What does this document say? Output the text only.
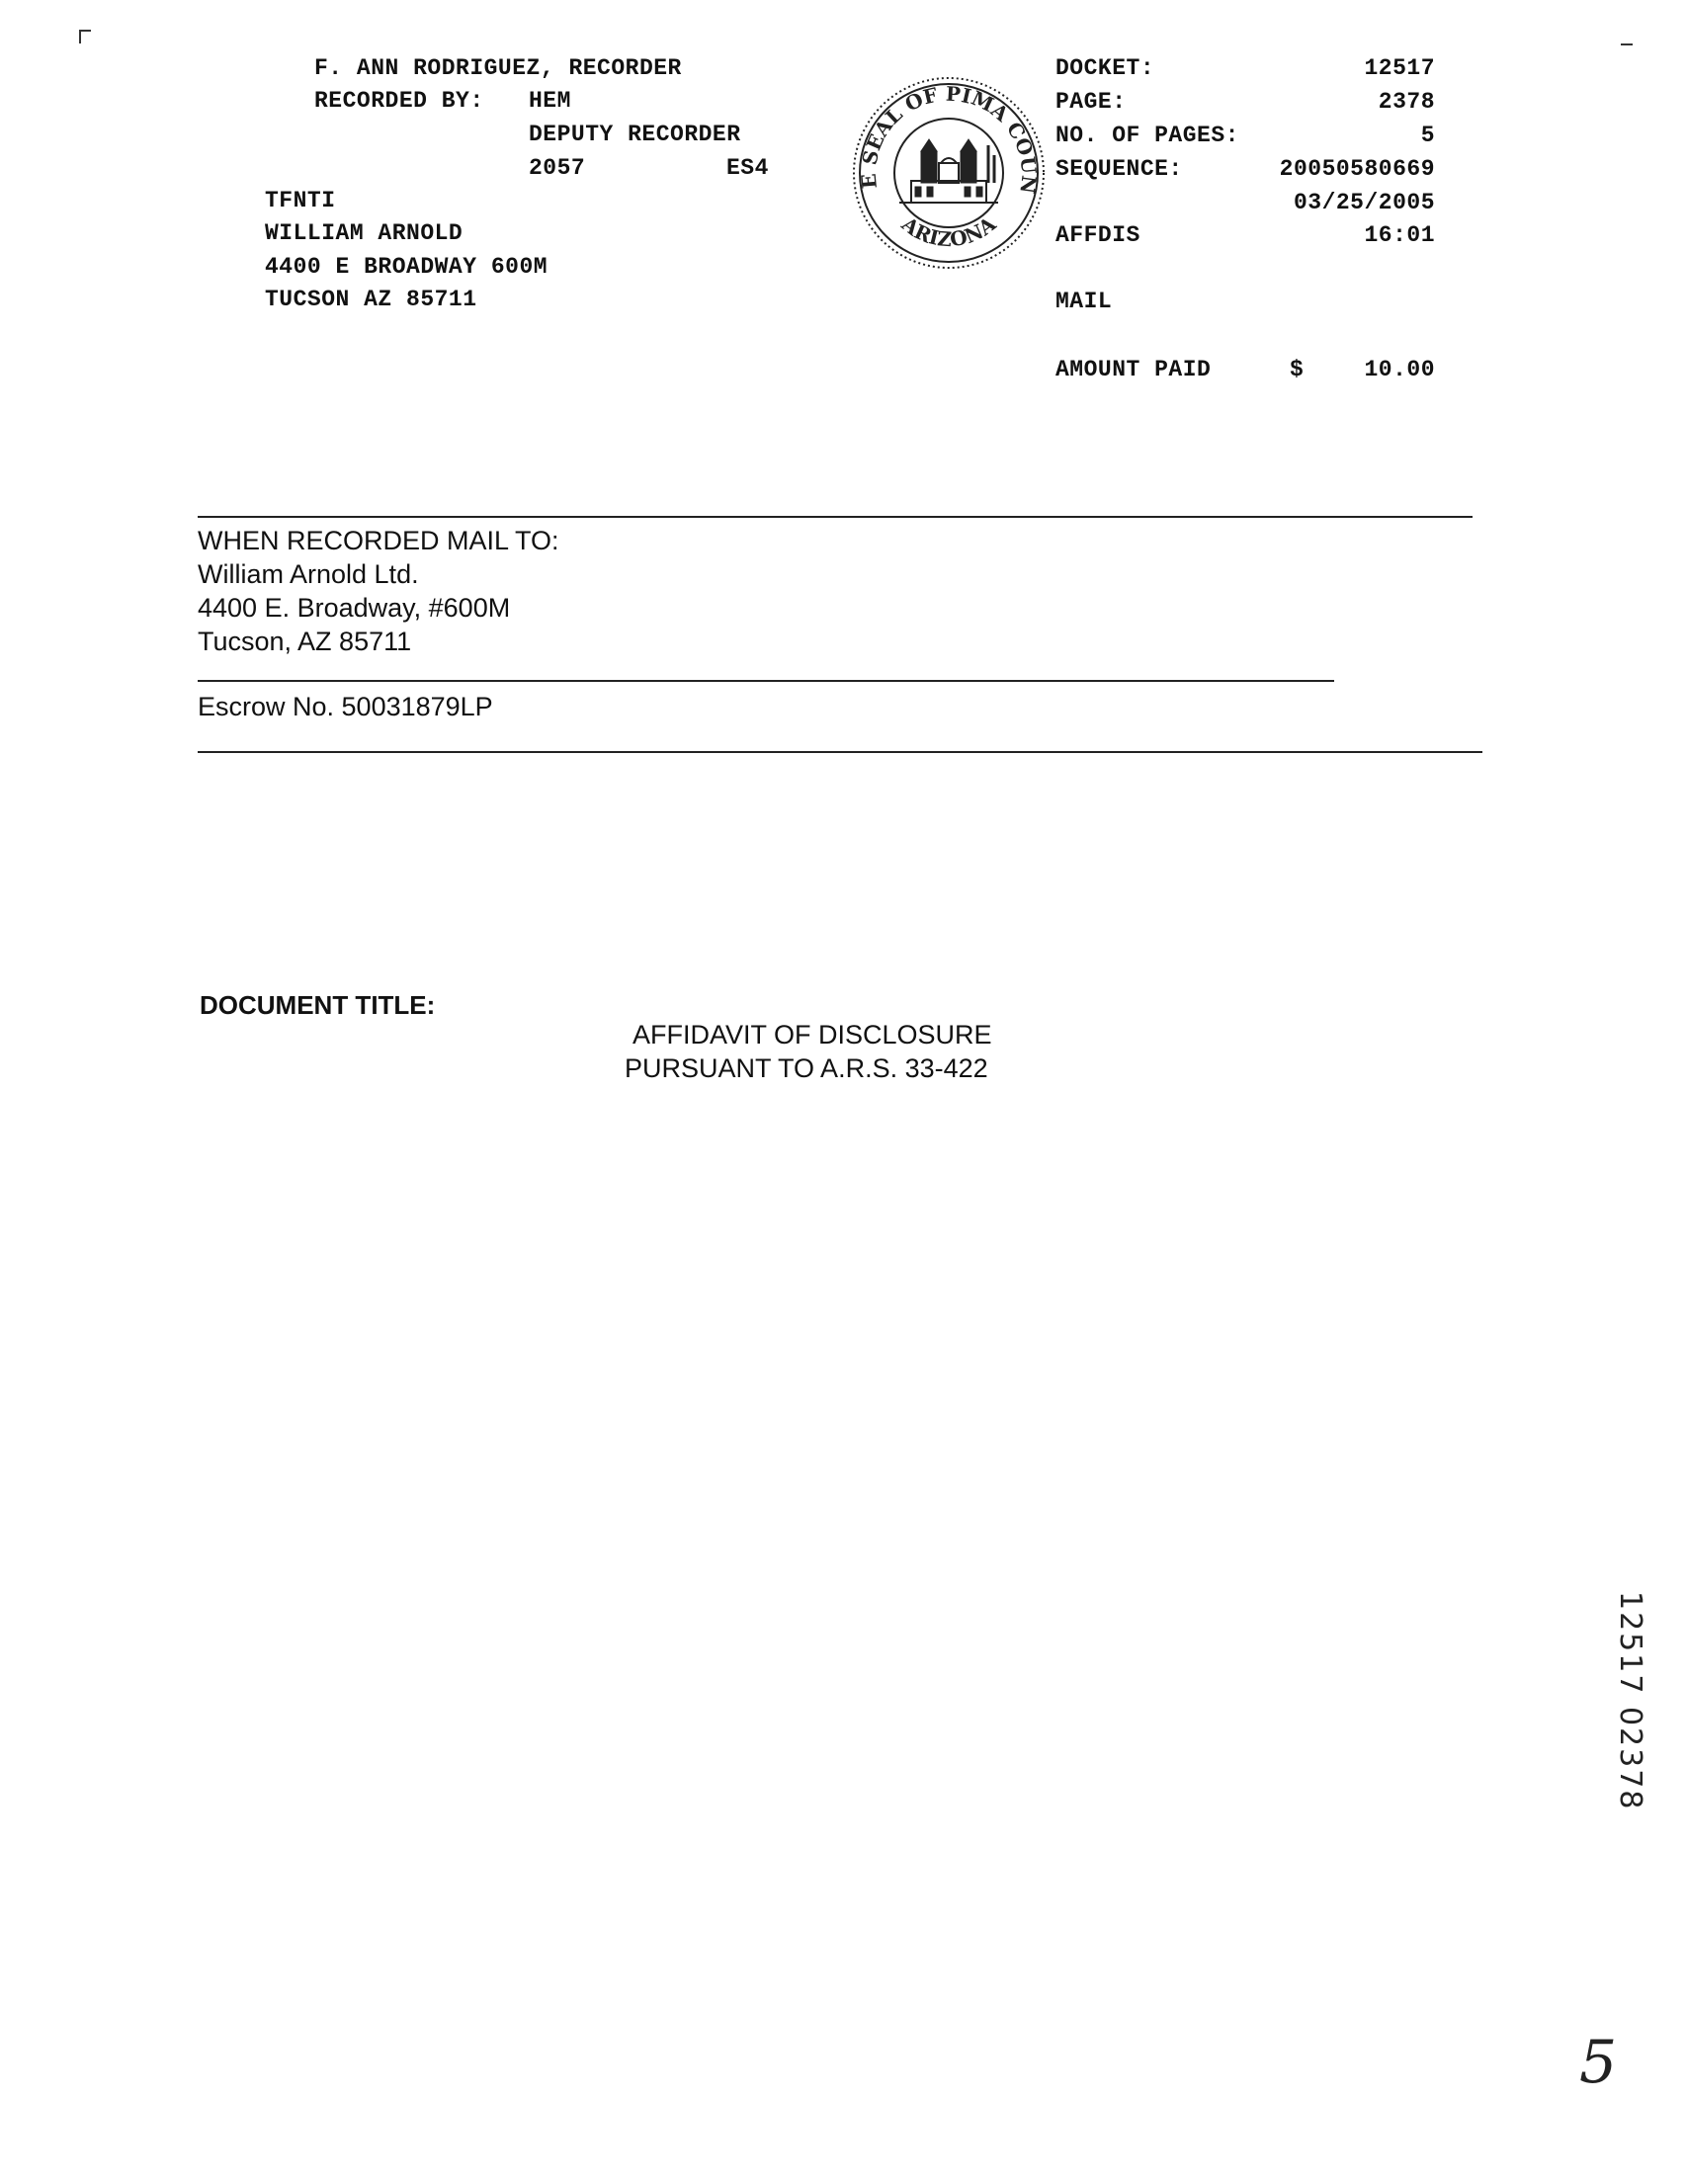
F. ANN RODRIGUEZ, RECORDER
RECORDED BY: HEM
DEPUTY RECORDER
2057	ES4
TFNTI
WILLIAM ARNOLD
4400 E BROADWAY 600M
TUCSON AZ 85711
E SEAL OF PIMA COUN
ARIZONA
DOCKET:	12517
PAGE:	2378
NO. OF PAGES:	5
SEQUENCE:	20050580669
03/25/2005
AFFDIS	16:01
MAIL
AMOUNT PAID	$	10.00
WHEN RECORDED MAIL TO:
William Arnold Ltd.
4400 E. Broadway, #600M
Tucson, AZ 85711
Escrow No. 50031879LP
DOCUMENT TITLE:
AFFIDAVIT OF DISCLOSURE
PURSUANT TO A.R.S. 33-422
12517 02378
5
